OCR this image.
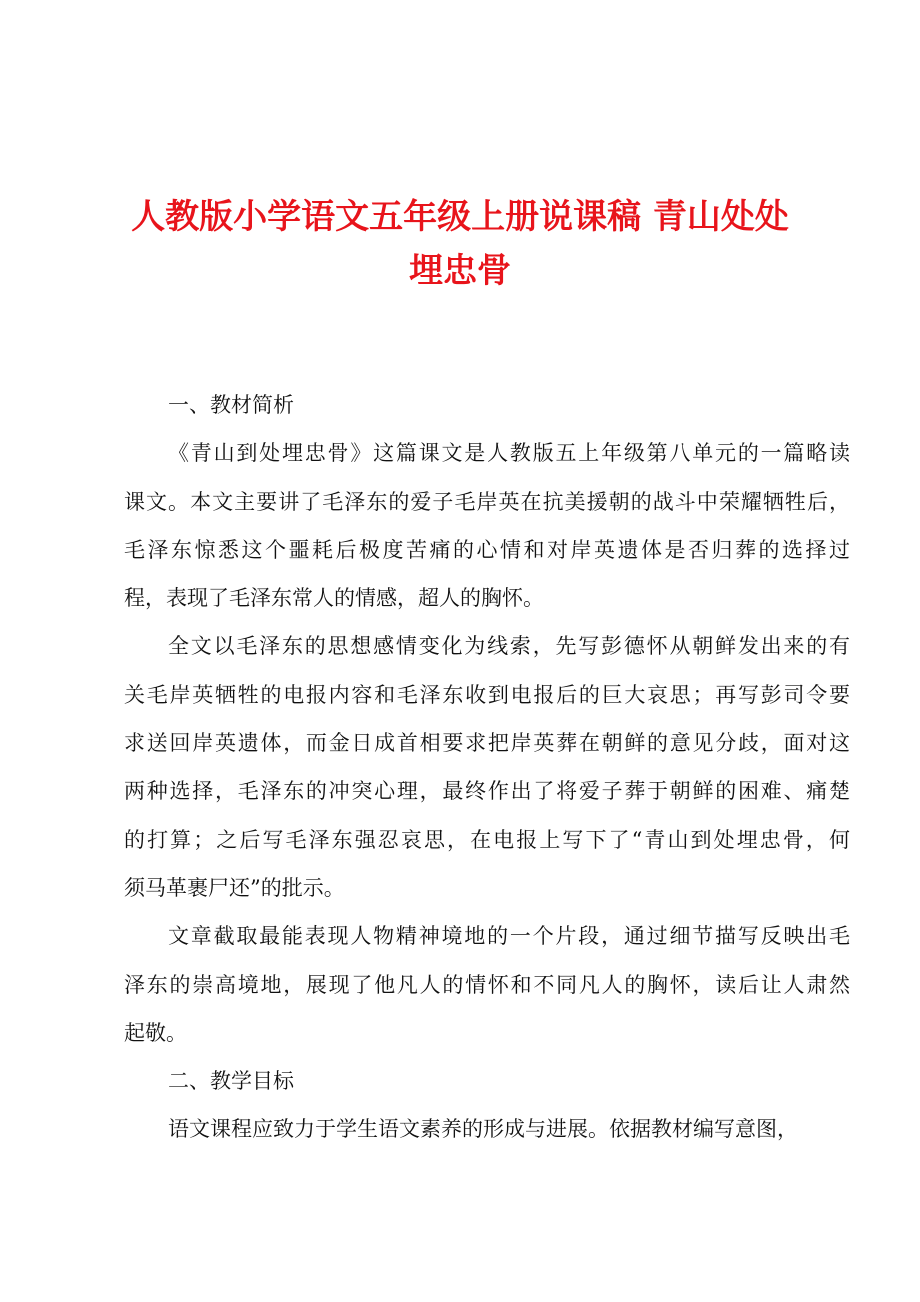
人教版小学语文五年级上册说课稿 青山处处
埋忠骨
一、教材简析
《青山到处埋忠骨》这篇课文是人教版五上年级第八单元的一篇略读
课文。本文主要讲了毛泽东的爱子毛岸英在抗美援朝的战斗中荣耀牺牲后，
毛泽东惊悉这个噩耗后极度苦痛的心情和对岸英遗体是否归葬的选择过
程，表现了毛泽东常人的情感，超人的胸怀。
全文以毛泽东的思想感情变化为线索，先写彭德怀从朝鲜发出来的有
关毛岸英牺牲的电报内容和毛泽东收到电报后的巨大哀思；再写彭司令要
求送回岸英遗体，而金日成首相要求把岸英葬在朝鲜的意见分歧，面对这
两种选择，毛泽东的冲突心理，最终作出了将爱子葬于朝鲜的困难、痛楚
的打算；之后写毛泽东强忍哀思，在电报上写下了“青山到处埋忠骨，何
须马革裹尸还”的批示。
文章截取最能表现人物精神境地的一个片段，通过细节描写反映出毛
泽东的崇高境地，展现了他凡人的情怀和不同凡人的胸怀，读后让人肃然
起敬。
二、教学目标
语文课程应致力于学生语文素养的形成与进展。依据教材编写意图，
